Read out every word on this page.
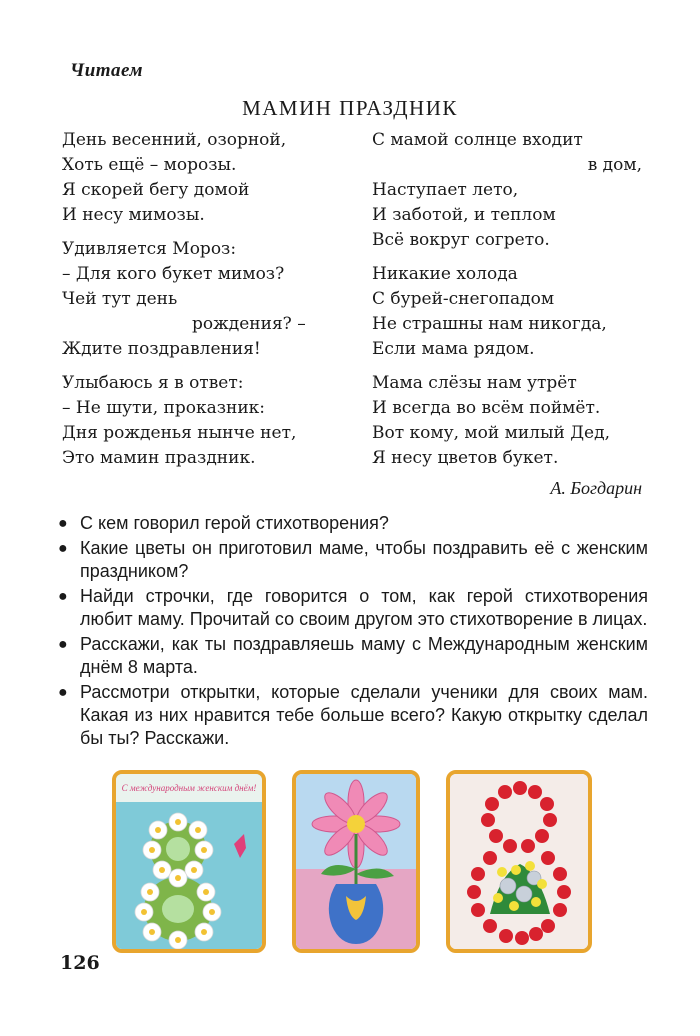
Читаем
МАМИН ПРАЗДНИК
День весенний, озорной,
Хоть ещё – морозы.
Я скорей бегу домой
И несу мимозы.
Удивляется Мороз:
– Для кого букет мимоз?
Чей тут день
рождения? –
Ждите поздравления!
Улыбаюсь я в ответ:
– Не шути, проказник:
Дня рожденья нынче нет,
Это мамин праздник.
С мамой солнце входит
в дом,
Наступает лето,
И заботой, и теплом
Всё вокруг согрето.
Никакие холода
С бурей-снегопадом
Не страшны нам никогда,
Если мама рядом.
Мама слёзы нам утрёт
И всегда во всём поймёт.
Вот кому, мой милый Дед,
Я несу цветов букет.
А. Богдарин
● С кем говорил герой стихотворения?
● Какие цветы он приготовил маме, чтобы поздравить её с женским праздником?
● Найди строчки, где говорится о том, как герой стихотворения любит маму. Прочитай со своим другом это стихотворение в лицах.
● Расскажи, как ты поздравляешь маму с Международным женским днём 8 марта.
● Рассмотри открытки, которые сделали ученики для своих мам. Какая из них нравится тебе больше всего? Какую открытку сделал бы ты? Расскажи.
С международным женским днём!
126
